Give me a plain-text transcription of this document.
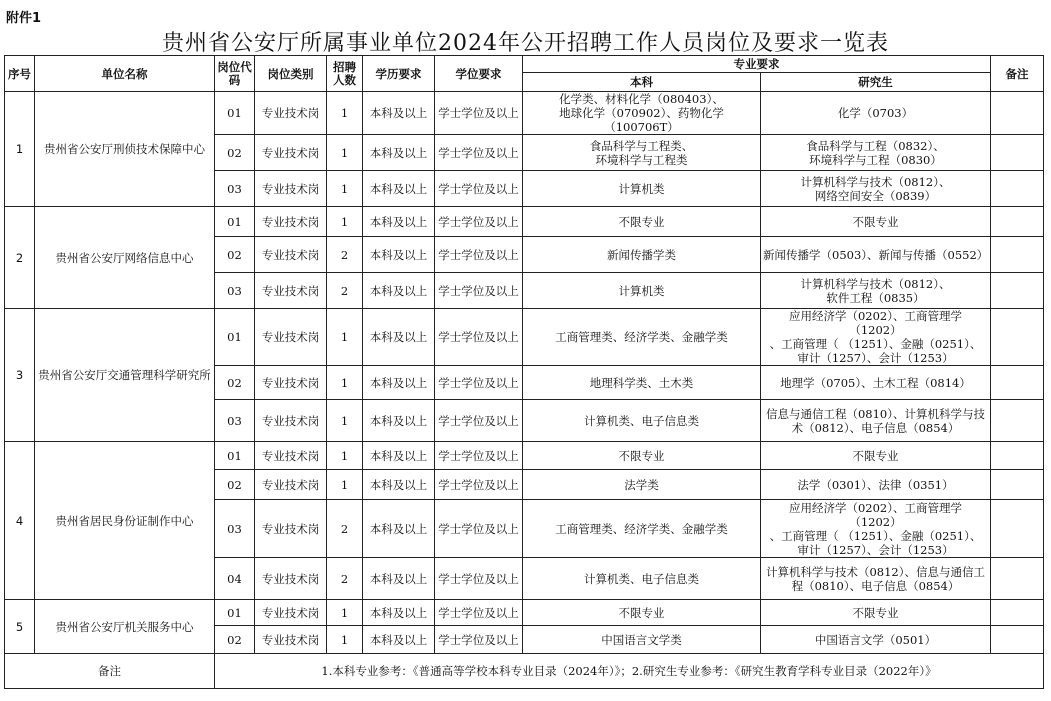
附件1
贵州省公安厅所属事业单位2024年公开招聘工作人员岗位及要求一览表
序号	单位名称	岗位代码	岗位类别	招聘人数	学历要求	学位要求	专业要求		备注
							本科	研究生	
1	贵州省公安厅刑侦技术保障中心	01	专业技术岗	1	本科及以上	学士学位及以上	化学类、材料化学（080403）、
地球化学（070902）、药物化学（100706T）	化学（0703）	
		02	专业技术岗	1	本科及以上	学士学位及以上	食品科学与工程类、
环境科学与工程类	食品科学与工程（0832）、
环境科学与工程（0830）	
		03	专业技术岗	1	本科及以上	学士学位及以上	计算机类	计算机科学与技术（0812）、
网络空间安全（0839）	
2	贵州省公安厅网络信息中心	01	专业技术岗	1	本科及以上	学士学位及以上	不限专业	不限专业	
		02	专业技术岗	2	本科及以上	学士学位及以上	新闻传播学类	新闻传播学（0503）、新闻与传播（0552）	
		03	专业技术岗	2	本科及以上	学士学位及以上	计算机类	计算机科学与技术（0812）、
软件工程（0835）	
3	贵州省公安厅交通管理科学研究所	01	专业技术岗	1	本科及以上	学士学位及以上	工商管理类、经济学类、金融学类	应用经济学（0202）、工商管理学（1202）
、工商管理（ （1251）、金融（0251）、
审计（1257）、会计（1253）	
		02	专业技术岗	1	本科及以上	学士学位及以上	地理科学类、土木类	地理学（0705）、土木工程（0814）	
		03	专业技术岗	1	本科及以上	学士学位及以上	计算机类、电子信息类	信息与通信工程（0810）、计算机科学与技
术（0812）、电子信息（0854）	
4	贵州省居民身份证制作中心	01	专业技术岗	1	本科及以上	学士学位及以上	不限专业	不限专业	
		02	专业技术岗	1	本科及以上	学士学位及以上	法学类	法学（0301）、法律（0351）	
		03	专业技术岗	2	本科及以上	学士学位及以上	工商管理类、经济学类、金融学类	应用经济学（0202）、工商管理学（1202）
、工商管理（ （1251）、金融（0251）、
审计（1257）、会计（1253）	
		04	专业技术岗	2	本科及以上	学士学位及以上	计算机类、电子信息类	计算机科学与技术（0812）、信息与通信工
程（0810）、电子信息（0854）	
5	贵州省公安厅机关服务中心	01	专业技术岗	1	本科及以上	学士学位及以上	不限专业	不限专业	
		02	专业技术岗	1	本科及以上	学士学位及以上	中国语言文学类	中国语言文学（0501）	
备注		1.本科专业参考：《普通高等学校本科专业目录（2024年）》；2.研究生专业参考：《研究生教育学科专业目录（2022年）》							
